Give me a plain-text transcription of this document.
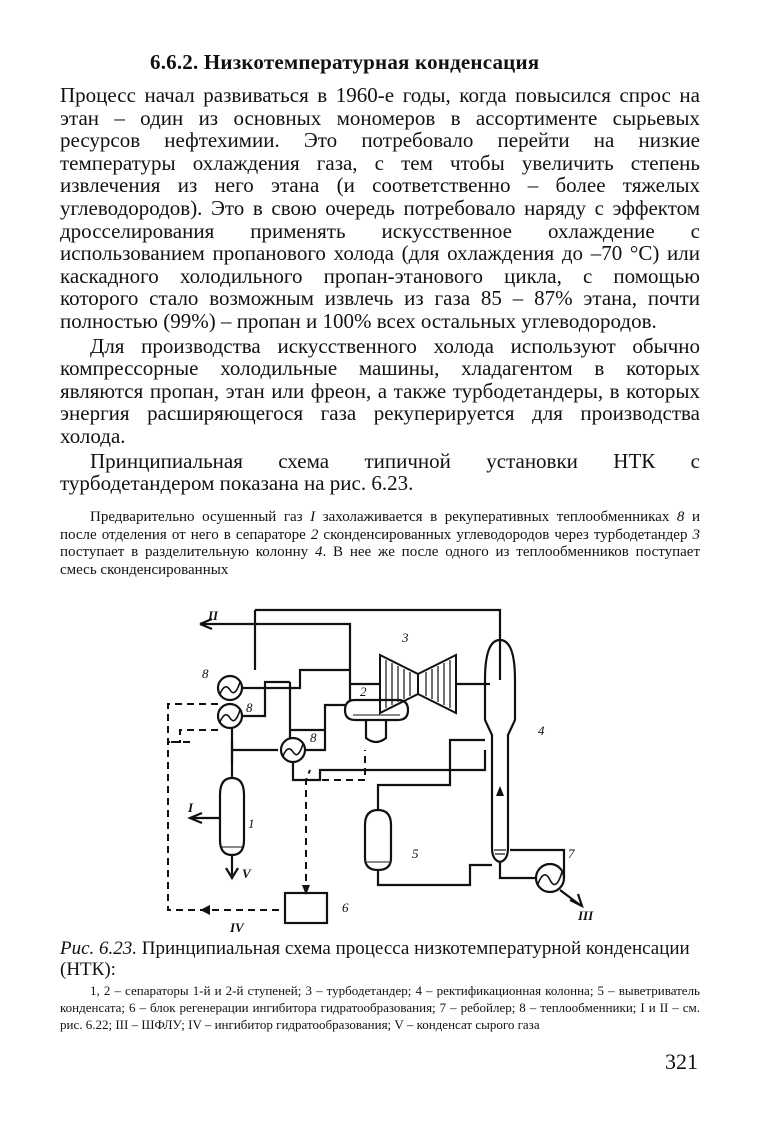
6.6.2. Низкотемпературная конденсация

Процесс начал развиваться в 1960-е годы, когда повысился спрос на этан – один из основных мономеров в ассортименте сырьевых ресурсов нефтехимии. Это потребовало перейти на низкие температуры охлаждения газа, с тем чтобы увеличить степень извлечения из него этана (и соответственно – более тяжелых углеводородов). Это в свою очередь потребовало наряду с эффектом дросселирования применять искусственное охлаждение с использованием пропанового холода (для охлаждения до –70 °С) или каскадного холодильного пропан-этанового цикла, с помощью которого стало возможным извлечь из газа 85 – 87% этана, почти полностью (99%) – пропан и 100% всех остальных углеводородов.

Для производства искусственного холода используют обычно компрессорные холодильные машины, хладагентом в которых являются пропан, этан или фреон, а также турбодетандеры, в которых энергия расширяющегося газа рекуперируется для производства холода.

Принципиальная схема типичной установки НТК с турбодетандером показана на рис. 6.23.

Предварительно осушенный газ I захолаживается в рекуперативных теплообменниках 8 и после отделения от него в сепараторе 2 сконденсированных углеводородов через турбодетандер 3 поступает в разделительную колонну 4. В нее же после одного из теплообменников поступает смесь сконденсированных
II
I
III
IV
V
1
2
3
4
5
6
7
8
8
8
Рис. 6.23. Принципиальная схема процесса низкотемпературной конденсации (НТК):
1, 2 – сепараторы 1-й и 2-й ступеней; 3 – турбодетандер; 4 – ректификационная колонна; 5 – выветриватель конденсата; 6 – блок регенерации ингибитора гидратообразования; 7 – ребойлер; 8 – теплообменники; I и II – см. рис. 6.22; III – ШФЛУ; IV – ингибитор гидратообразования; V – конденсат сырого газа
321
